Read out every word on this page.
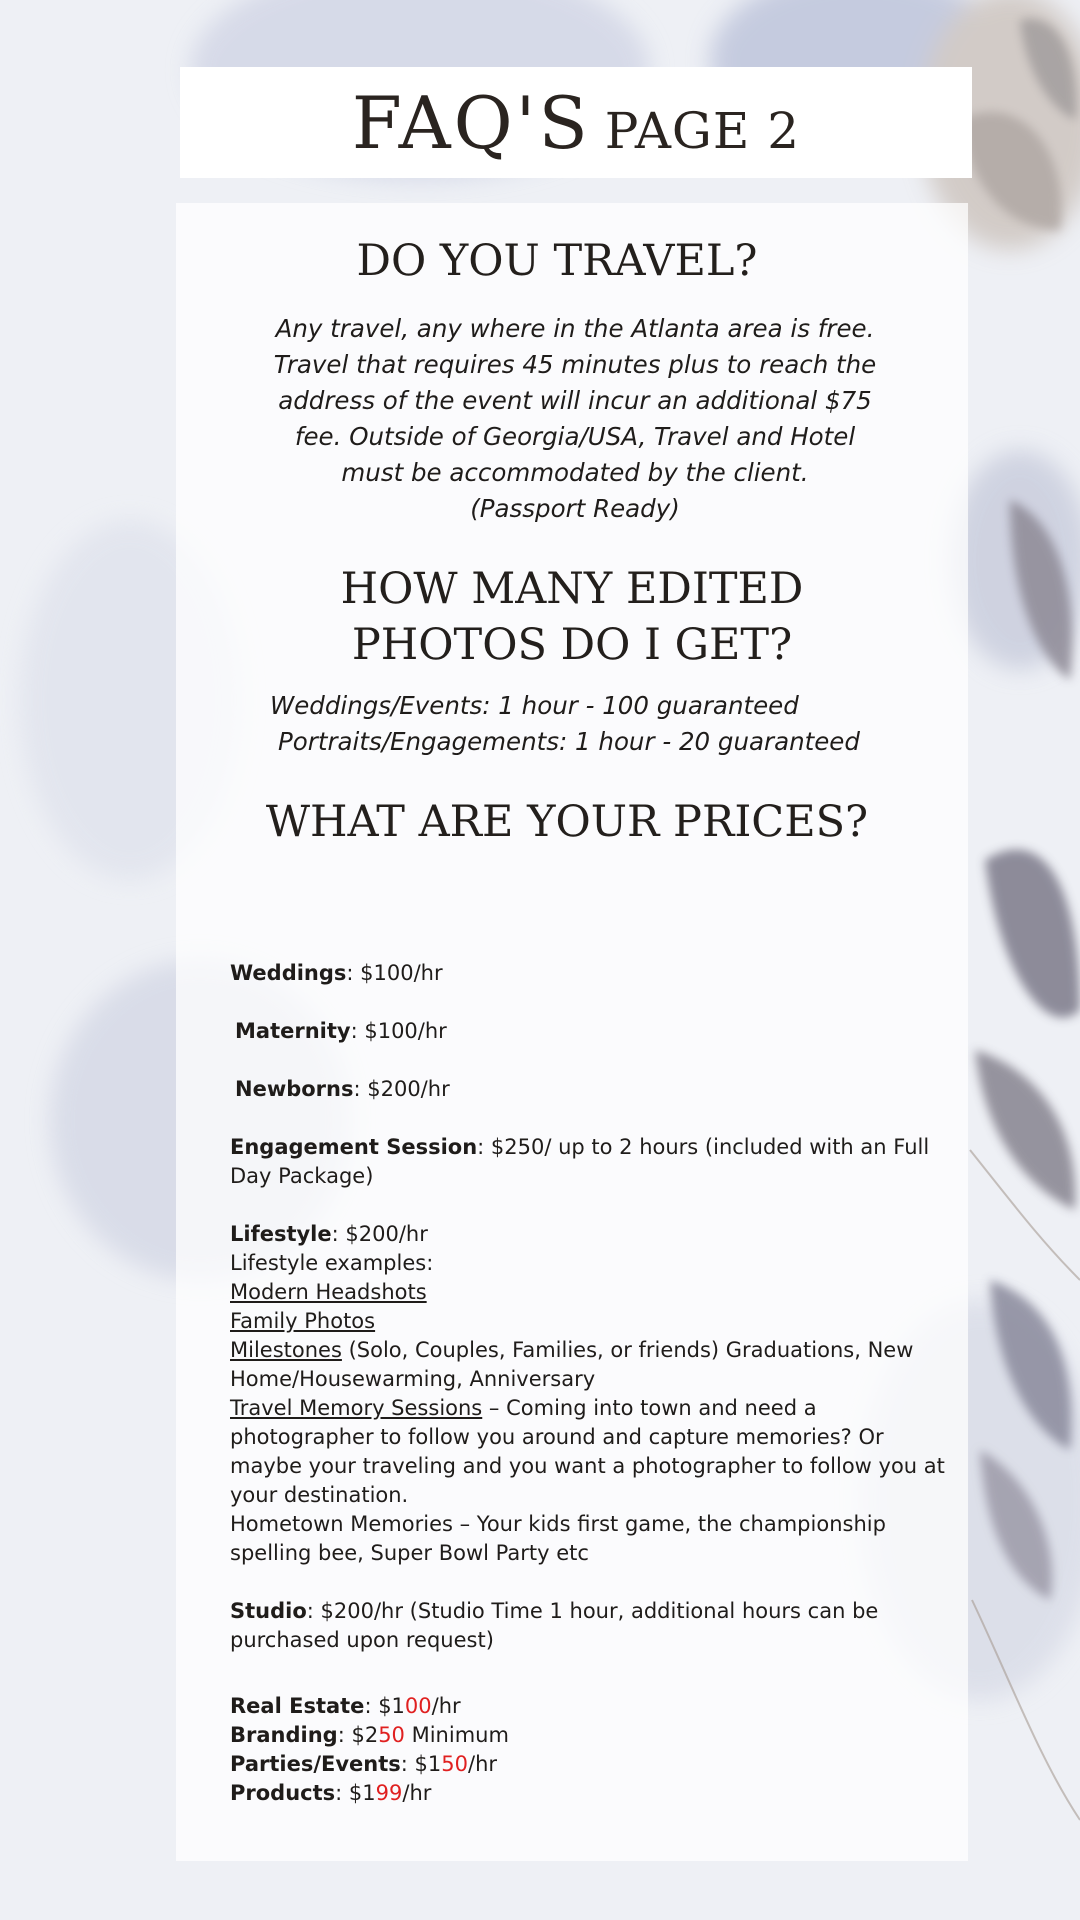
FAQ'S PAGE 2
DO YOU TRAVEL?
Any travel, any where in the Atlanta area is free.
Travel that requires 45 minutes plus to reach the
address of the event will incur an additional $75
fee. Outside of Georgia/USA, Travel and Hotel
must be accommodated by the client.
(Passport Ready)
HOW MANY EDITED
PHOTOS DO I GET?
Weddings/Events: 1 hour - 100 guaranteed
Portraits/Engagements: 1 hour - 20 guaranteed
WHAT ARE YOUR PRICES?
Weddings: $100/hr
Maternity: $100/hr
Newborns: $200/hr
Engagement Session: $250/ up to 2 hours (included with an Full
Day Package)
Lifestyle: $200/hr
Lifestyle examples:
Modern Headshots
Family Photos
Milestones (Solo, Couples, Families, or friends) Graduations, New
Home/Housewarming, Anniversary
Travel Memory Sessions – Coming into town and need a
photographer to follow you around and capture memories? Or
maybe your traveling and you want a photographer to follow you at
your destination.
Hometown Memories – Your kids first game, the championship
spelling bee, Super Bowl Party etc
Studio: $200/hr (Studio Time 1 hour, additional hours can be
purchased upon request)
Real Estate: $100/hr
Branding: $250 Minimum
Parties/Events: $150/hr
Products: $199/hr
